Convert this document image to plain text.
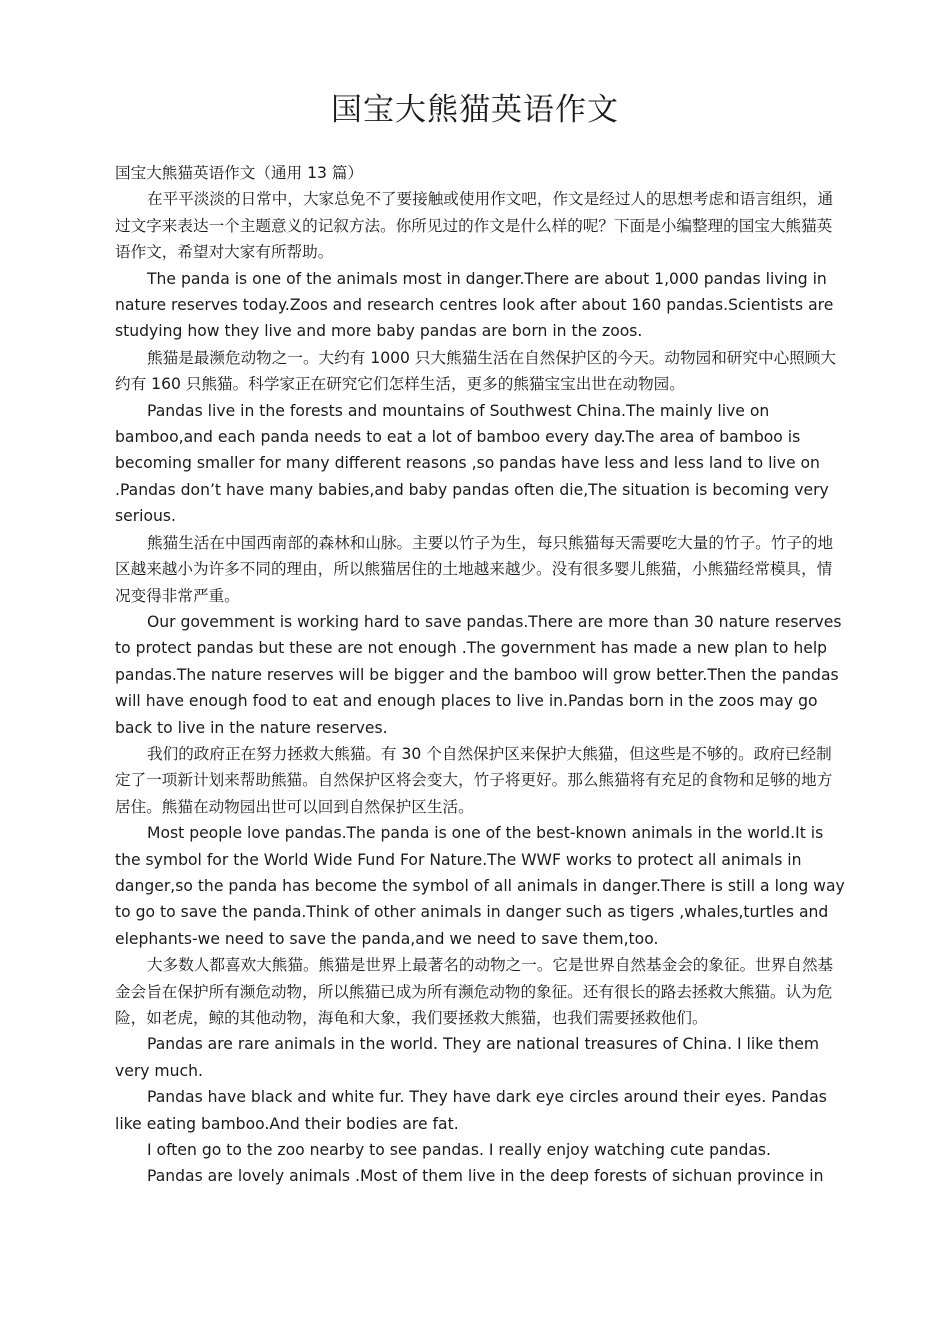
国宝大熊猫英语作文

国宝大熊猫英语作文（通用 13 篇）

在平平淡淡的日常中，大家总免不了要接触或使用作文吧，作文是经过人的思想考虑和语言组织，通过文字来表达一个主题意义的记叙方法。你所见过的作文是什么样的呢？下面是小编整理的国宝大熊猫英语作文，希望对大家有所帮助。

The panda is one of the animals most in danger.There are about 1,000 pandas living in nature reserves today.Zoos and research centres look after about 160 pandas.Scientists are studying how they live and more baby pandas are born in the zoos.

熊猫是最濒危动物之一。大约有 1000 只大熊猫生活在自然保护区的今天。动物园和研究中心照顾大约有 160 只熊猫。科学家正在研究它们怎样生活，更多的熊猫宝宝出世在动物园。

Pandas live in the forests and mountains of Southwest China.The mainly live on bamboo,and each panda needs to eat a lot of bamboo every day.The area of bamboo is becoming smaller for many different reasons ,so pandas have less and less land to live on .Pandas don’t have many babies,and baby pandas often die,The situation is becoming very serious.

熊猫生活在中国西南部的森林和山脉。主要以竹子为生，每只熊猫每天需要吃大量的竹子。竹子的地区越来越小为许多不同的理由，所以熊猫居住的土地越来越少。没有很多婴儿熊猫，小熊猫经常模具，情况变得非常严重。

Our govemment is working hard to save pandas.There are more than 30 nature reserves to protect pandas but these are not enough .The government has made a new plan to help pandas.The nature reserves will be bigger and the bamboo will grow better.Then the pandas will have enough food to eat and enough places to live in.Pandas born in the zoos may go back to live in the nature reserves.

我们的政府正在努力拯救大熊猫。有 30 个自然保护区来保护大熊猫，但这些是不够的。政府已经制定了一项新计划来帮助熊猫。自然保护区将会变大，竹子将更好。那么熊猫将有充足的食物和足够的地方居住。熊猫在动物园出世可以回到自然保护区生活。

Most people love pandas.The panda is one of the best-known animals in the world.It is the symbol for the World Wide Fund For Nature.The WWF works to protect all animals in danger,so the panda has become the symbol of all animals in danger.There is still a long way to go to save the panda.Think of other animals in danger such as tigers ,whales,turtles and elephants-we need to save the panda,and we need to save them,too.

大多数人都喜欢大熊猫。熊猫是世界上最著名的动物之一。它是世界自然基金会的象征。世界自然基金会旨在保护所有濒危动物，所以熊猫已成为所有濒危动物的象征。还有很长的路去拯救大熊猫。认为危险，如老虎，鲸的其他动物，海龟和大象，我们要拯救大熊猫，也我们需要拯救他们。

Pandas are rare animals in the world. They are national treasures of China. I like them very much.

Pandas have black and white fur. They have dark eye circles around their eyes. Pandas like eating bamboo.And their bodies are fat.

I often go to the zoo nearby to see pandas. I really enjoy watching cute pandas.

Pandas are lovely animals .Most of them live in the deep forests of sichuan province in
